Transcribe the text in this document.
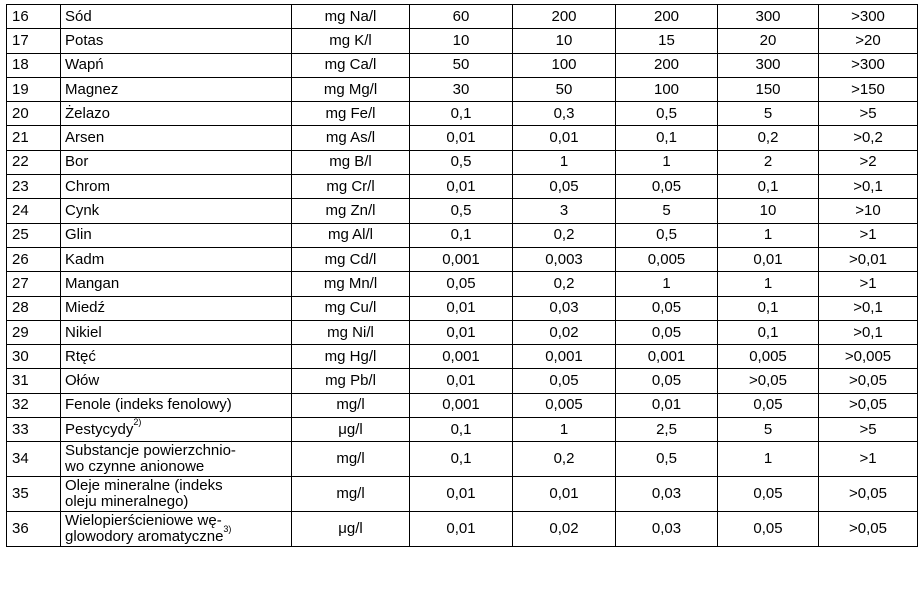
16	Sód	mg Na/l	60	200	200	300	>300
17	Potas	mg K/l	10	10	15	20	>20
18	Wapń	mg Ca/l	50	100	200	300	>300
19	Magnez	mg Mg/l	30	50	100	150	>150
20	Żelazo	mg Fe/l	0,1	0,3	0,5	5	>5
21	Arsen	mg As/l	0,01	0,01	0,1	0,2	>0,2
22	Bor	mg B/l	0,5	1	1	2	>2
23	Chrom	mg Cr/l	0,01	0,05	0,05	0,1	>0,1
24	Cynk	mg Zn/l	0,5	3	5	10	>10
25	Glin	mg Al/l	0,1	0,2	0,5	1	>1
26	Kadm	mg Cd/l	0,001	0,003	0,005	0,01	>0,01
27	Mangan	mg Mn/l	0,05	0,2	1	1	>1
28	Miedź	mg Cu/l	0,01	0,03	0,05	0,1	>0,1
29	Nikiel	mg Ni/l	0,01	0,02	0,05	0,1	>0,1
30	Rtęć	mg Hg/l	0,001	0,001	0,001	0,005	>0,005
31	Ołów	mg Pb/l	0,01	0,05	0,05	>0,05	>0,05
32	Fenole (indeks fenolowy)	mg/l	0,001	0,005	0,01	0,05	>0,05
33	Pestycydy$^{2)}$	μg/l	0,1	1	2,5	5	>5
34	Substancje powierzchnio-
wo czynne anionowe	mg/l	0,1	0,2	0,5	1	>1
35	Oleje mineralne (indeks
oleju mineralnego)	mg/l	0,01	0,01	0,03	0,05	>0,05
36	Wielopierścieniowe wę-
glowodory aromatyczne$^{3)}$	μg/l	0,01	0,02	0,03	0,05	>0,05
